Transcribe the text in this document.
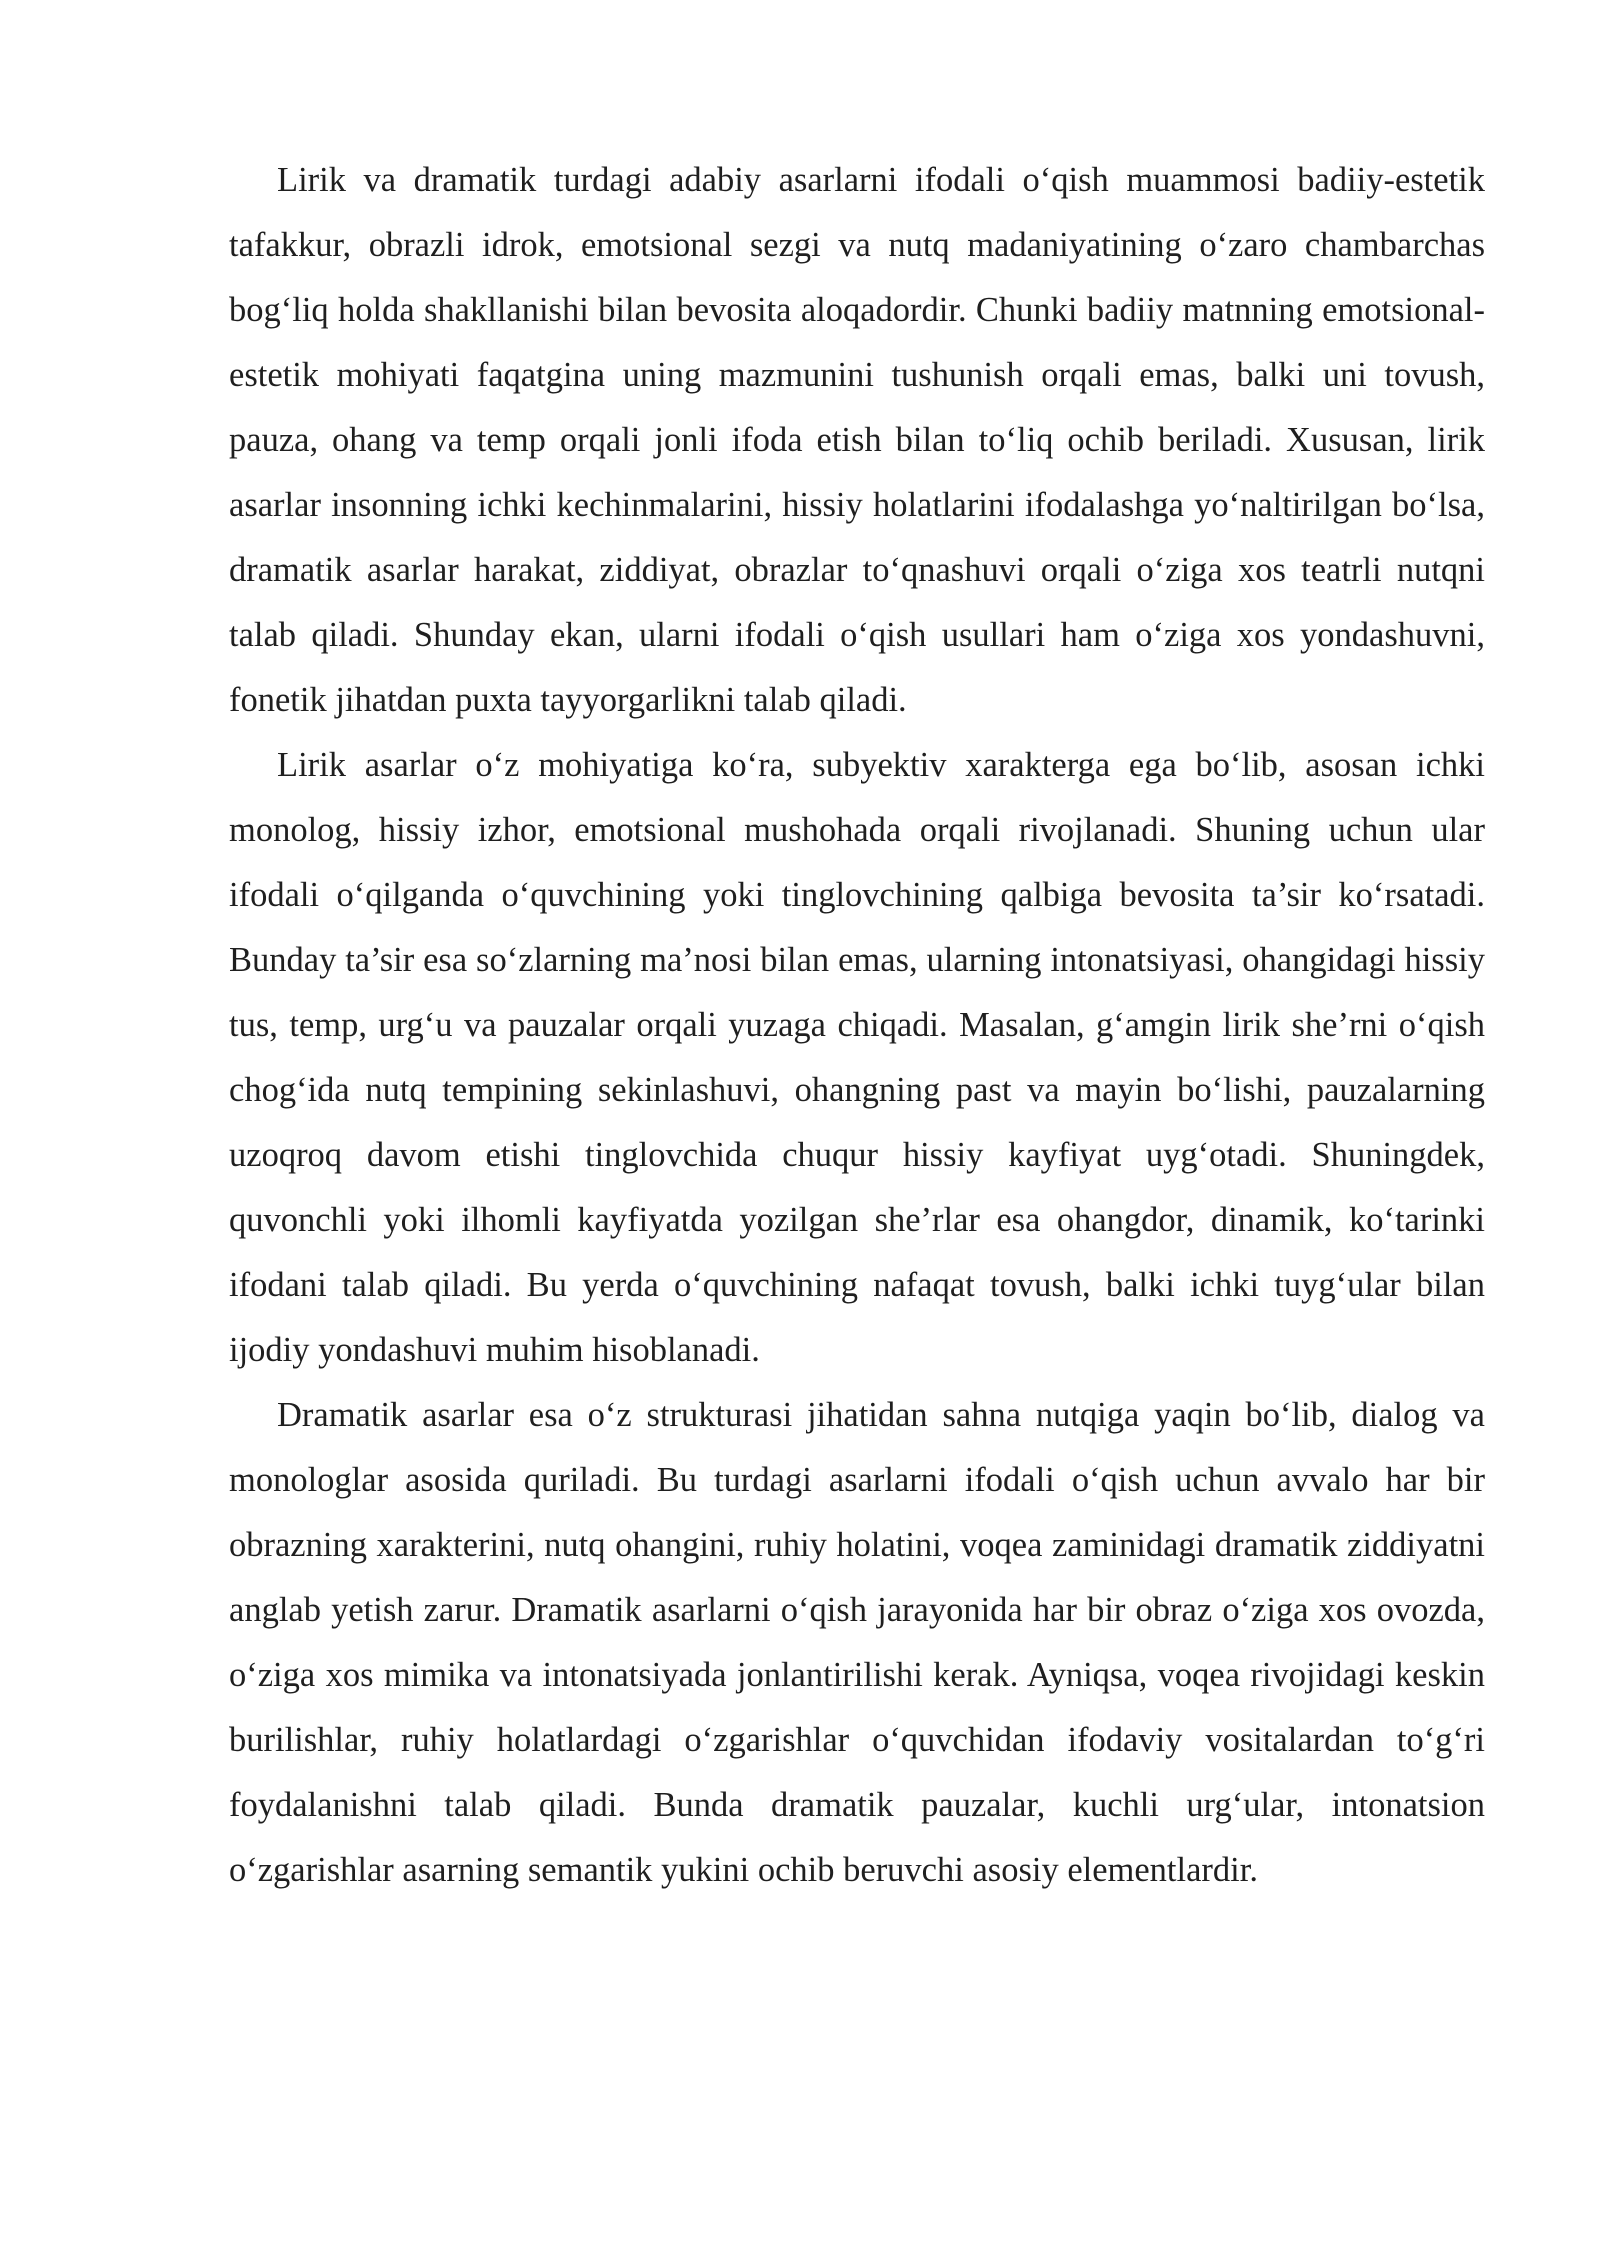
Lirik va dramatik turdagi adabiy asarlarni ifodali o‘qish muammosi badiiy-estetik tafakkur, obrazli idrok, emotsional sezgi va nutq madaniyatining o‘zaro chambarchas bog‘liq holda shakllanishi bilan bevosita aloqadordir. Chunki badiiy matnning emotsional-estetik mohiyati faqatgina uning mazmunini tushunish orqali emas, balki uni tovush, pauza, ohang va temp orqali jonli ifoda etish bilan to‘liq ochib beriladi. Xususan, lirik asarlar insonning ichki kechinmalarini, hissiy holatlarini ifodalashga yo‘naltirilgan bo‘lsa, dramatik asarlar harakat, ziddiyat, obrazlar to‘qnashuvi orqali o‘ziga xos teatrli nutqni talab qiladi. Shunday ekan, ularni ifodali o‘qish usullari ham o‘ziga xos yondashuvni, fonetik jihatdan puxta tayyorgarlikni talab qiladi.

Lirik asarlar o‘z mohiyatiga ko‘ra, subyektiv xarakterga ega bo‘lib, asosan ichki monolog, hissiy izhor, emotsional mushohada orqali rivojlanadi. Shuning uchun ular ifodali o‘qilganda o‘quvchining yoki tinglovchining qalbiga bevosita ta’sir ko‘rsatadi. Bunday ta’sir esa so‘zlarning ma’nosi bilan emas, ularning intonatsiyasi, ohangidagi hissiy tus, temp, urg‘u va pauzalar orqali yuzaga chiqadi. Masalan, g‘amgin lirik she’rni o‘qish chog‘ida nutq tempining sekinlashuvi, ohangning past va mayin bo‘lishi, pauzalarning uzoqroq davom etishi tinglovchida chuqur hissiy kayfiyat uyg‘otadi. Shuningdek, quvonchli yoki ilhomli kayfiyatda yozilgan she’rlar esa ohangdor, dinamik, ko‘tarinki ifodani talab qiladi. Bu yerda o‘quvchining nafaqat tovush, balki ichki tuyg‘ular bilan ijodiy yondashuvi muhim hisoblanadi.

Dramatik asarlar esa o‘z strukturasi jihatidan sahna nutqiga yaqin bo‘lib, dialog va monologlar asosida quriladi. Bu turdagi asarlarni ifodali o‘qish uchun avvalo har bir obrazning xarakterini, nutq ohangini, ruhiy holatini, voqea zaminidagi dramatik ziddiyatni anglab yetish zarur. Dramatik asarlarni o‘qish jarayonida har bir obraz o‘ziga xos ovozda, o‘ziga xos mimika va intonatsiyada jonlantirilishi kerak. Ayniqsa, voqea rivojidagi keskin burilishlar, ruhiy holatlardagi o‘zgarishlar o‘quvchidan ifodaviy vositalardan to‘g‘ri foydalanishni talab qiladi. Bunda dramatik pauzalar, kuchli urg‘ular, intonatsion o‘zgarishlar asarning semantik yukini ochib beruvchi asosiy elementlardir.
